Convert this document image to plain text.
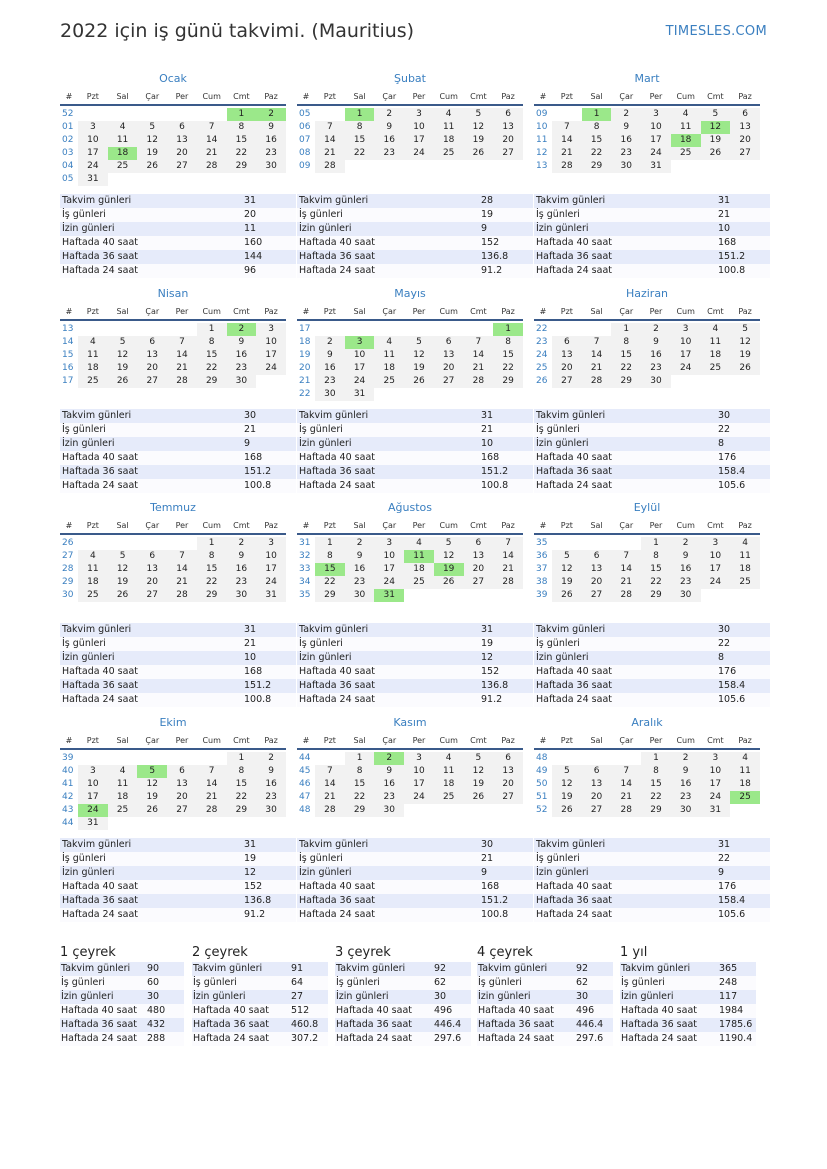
2022 için iş günü takvimi. (Mauritius)	TIMESLES.COM
Ocak
#	Pzt	Sal	Çar	Per	Cum	Cmt	Paz

52						1	2
01	3	4	5	6	7	8	9
02	10	11	12	13	14	15	16
03	17	18	19	20	21	22	23
04	24	25	26	27	28	29	30
05	31						
Takvim günleri	31
İş günleri	20
İzin günleri	11
Haftada 40 saat	160
Haftada 36 saat	144
Haftada 24 saat	96
Şubat
#	Pzt	Sal	Çar	Per	Cum	Cmt	Paz

05		1	2	3	4	5	6
06	7	8	9	10	11	12	13
07	14	15	16	17	18	19	20
08	21	22	23	24	25	26	27
09	28						
Takvim günleri	28
İş günleri	19
İzin günleri	9
Haftada 40 saat	152
Haftada 36 saat	136.8
Haftada 24 saat	91.2
Mart
#	Pzt	Sal	Çar	Per	Cum	Cmt	Paz

09		1	2	3	4	5	6
10	7	8	9	10	11	12	13
11	14	15	16	17	18	19	20
12	21	22	23	24	25	26	27
13	28	29	30	31			
Takvim günleri	31
İş günleri	21
İzin günleri	10
Haftada 40 saat	168
Haftada 36 saat	151.2
Haftada 24 saat	100.8
Nisan
#	Pzt	Sal	Çar	Per	Cum	Cmt	Paz

13					1	2	3
14	4	5	6	7	8	9	10
15	11	12	13	14	15	16	17
16	18	19	20	21	22	23	24
17	25	26	27	28	29	30	
Takvim günleri	30
İş günleri	21
İzin günleri	9
Haftada 40 saat	168
Haftada 36 saat	151.2
Haftada 24 saat	100.8
Mayıs
#	Pzt	Sal	Çar	Per	Cum	Cmt	Paz

17							1
18	2	3	4	5	6	7	8
19	9	10	11	12	13	14	15
20	16	17	18	19	20	21	22
21	23	24	25	26	27	28	29
22	30	31					
Takvim günleri	31
İş günleri	21
İzin günleri	10
Haftada 40 saat	168
Haftada 36 saat	151.2
Haftada 24 saat	100.8
Haziran
#	Pzt	Sal	Çar	Per	Cum	Cmt	Paz

22			1	2	3	4	5
23	6	7	8	9	10	11	12
24	13	14	15	16	17	18	19
25	20	21	22	23	24	25	26
26	27	28	29	30			
Takvim günleri	30
İş günleri	22
İzin günleri	8
Haftada 40 saat	176
Haftada 36 saat	158.4
Haftada 24 saat	105.6
Temmuz
#	Pzt	Sal	Çar	Per	Cum	Cmt	Paz

26					1	2	3
27	4	5	6	7	8	9	10
28	11	12	13	14	15	16	17
29	18	19	20	21	22	23	24
30	25	26	27	28	29	30	31
Takvim günleri	31
İş günleri	21
İzin günleri	10
Haftada 40 saat	168
Haftada 36 saat	151.2
Haftada 24 saat	100.8
Ağustos
#	Pzt	Sal	Çar	Per	Cum	Cmt	Paz

31	1	2	3	4	5	6	7
32	8	9	10	11	12	13	14
33	15	16	17	18	19	20	21
34	22	23	24	25	26	27	28
35	29	30	31				
Takvim günleri	31
İş günleri	19
İzin günleri	12
Haftada 40 saat	152
Haftada 36 saat	136.8
Haftada 24 saat	91.2
Eylül
#	Pzt	Sal	Çar	Per	Cum	Cmt	Paz

35				1	2	3	4
36	5	6	7	8	9	10	11
37	12	13	14	15	16	17	18
38	19	20	21	22	23	24	25
39	26	27	28	29	30		
Takvim günleri	30
İş günleri	22
İzin günleri	8
Haftada 40 saat	176
Haftada 36 saat	158.4
Haftada 24 saat	105.6
Ekim
#	Pzt	Sal	Çar	Per	Cum	Cmt	Paz

39						1	2
40	3	4	5	6	7	8	9
41	10	11	12	13	14	15	16
42	17	18	19	20	21	22	23
43	24	25	26	27	28	29	30
44	31						
Takvim günleri	31
İş günleri	19
İzin günleri	12
Haftada 40 saat	152
Haftada 36 saat	136.8
Haftada 24 saat	91.2
Kasım
#	Pzt	Sal	Çar	Per	Cum	Cmt	Paz

44		1	2	3	4	5	6
45	7	8	9	10	11	12	13
46	14	15	16	17	18	19	20
47	21	22	23	24	25	26	27
48	28	29	30				
Takvim günleri	30
İş günleri	21
İzin günleri	9
Haftada 40 saat	168
Haftada 36 saat	151.2
Haftada 24 saat	100.8
Aralık
#	Pzt	Sal	Çar	Per	Cum	Cmt	Paz

48				1	2	3	4
49	5	6	7	8	9	10	11
50	12	13	14	15	16	17	18
51	19	20	21	22	23	24	25
52	26	27	28	29	30	31	
Takvim günleri	31
İş günleri	22
İzin günleri	9
Haftada 40 saat	176
Haftada 36 saat	158.4
Haftada 24 saat	105.6
1 çeyrek
Takvim günleri	90
İş günleri	60
İzin günleri	30
Haftada 40 saat	480
Haftada 36 saat	432
Haftada 24 saat	288
2 çeyrek
Takvim günleri	91
İş günleri	64
İzin günleri	27
Haftada 40 saat	512
Haftada 36 saat	460.8
Haftada 24 saat	307.2
3 çeyrek
Takvim günleri	92
İş günleri	62
İzin günleri	30
Haftada 40 saat	496
Haftada 36 saat	446.4
Haftada 24 saat	297.6
4 çeyrek
Takvim günleri	92
İş günleri	62
İzin günleri	30
Haftada 40 saat	496
Haftada 36 saat	446.4
Haftada 24 saat	297.6
1 yıl
Takvim günleri	365
İş günleri	248
İzin günleri	117
Haftada 40 saat	1984
Haftada 36 saat	1785.6
Haftada 24 saat	1190.4
